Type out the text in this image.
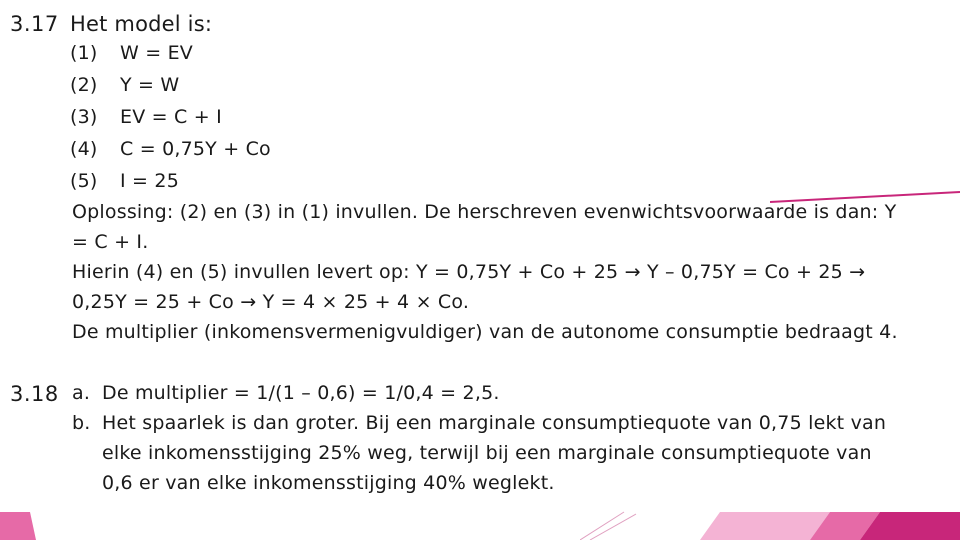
3.17 Het model is:
(1) W = EV
(2) Y = W
(3) EV = C + I
(4) C = 0,75Y + Co
(5) I = 25
Oplossing: (2) en (3) in (1) invullen. De herschreven evenwichtsvoorwaarde is dan: Y
= C + I.
Hierin (4) en (5) invullen levert op: Y = 0,75Y + Co + 25 → Y – 0,75Y = Co + 25 →
0,25Y = 25 + Co → Y = 4 × 25 + 4 × Co.
De multiplier (inkomensvermenigvuldiger) van de autonome consumptie bedraagt 4.
3.18 a. De multiplier = 1/(1 – 0,6) = 1/0,4 = 2,5.
b. Het spaarlek is dan groter. Bij een marginale consumptiequote van 0,75 lekt van
elke inkomensstijging 25% weg, terwijl bij een marginale consumptiequote van
0,6 er van elke inkomensstijging 40% weglekt.
